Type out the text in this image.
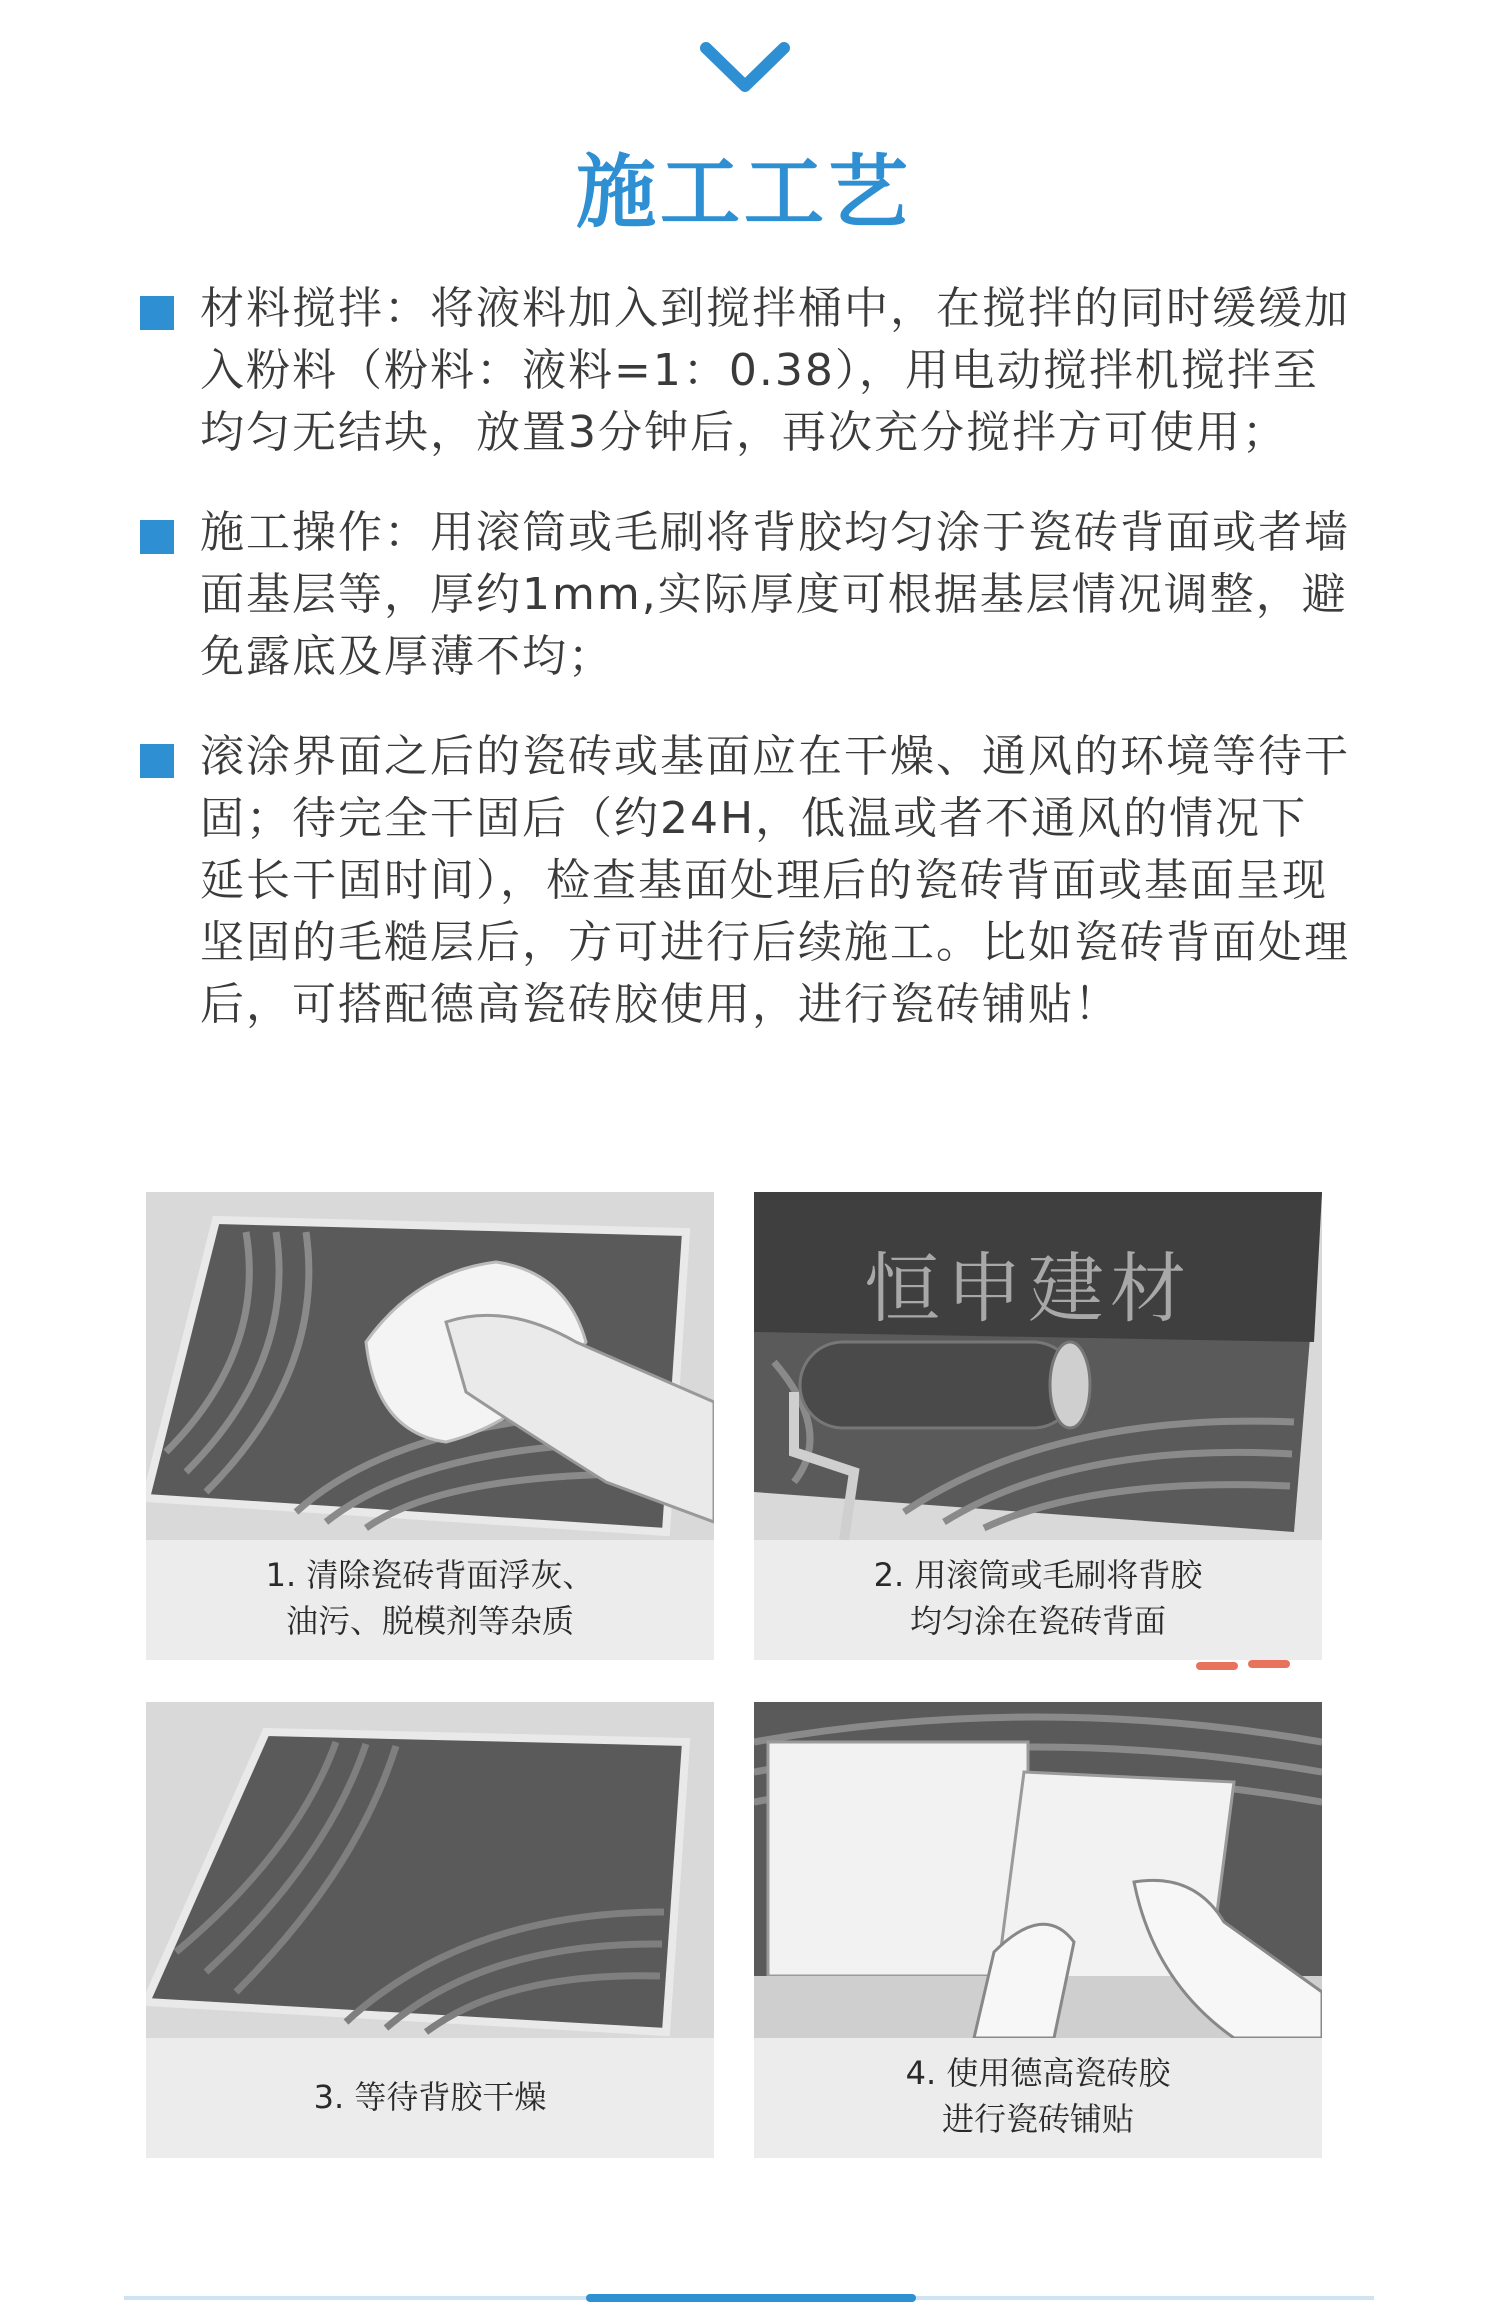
施工工艺

材料搅拌：将液料加入到搅拌桶中，在搅拌的同时缓缓加入粉料（粉料：液料=1：0.38），用电动搅拌机搅拌至均匀无结块，放置3分钟后，再次充分搅拌方可使用；

施工操作：用滚筒或毛刷将背胶均匀涂于瓷砖背面或者墙面基层等，厚约1mm,实际厚度可根据基层情况调整，避免露底及厚薄不均；

滚涂界面之后的瓷砖或基面应在干燥、通风的环境等待干固；待完全干固后（约24H，低温或者不通风的情况下延长干固时间），检查基面处理后的瓷砖背面或基面呈现坚固的毛糙层后，方可进行后续施工。比如瓷砖背面处理后，可搭配德高瓷砖胶使用，进行瓷砖铺贴！

1. 清除瓷砖背面浮灰、
油污、脱模剂等杂质
2. 用滚筒或毛刷将背胶
均匀涂在瓷砖背面
恒申建材
3. 等待背胶干燥
4. 使用德高瓷砖胶
进行瓷砖铺贴
